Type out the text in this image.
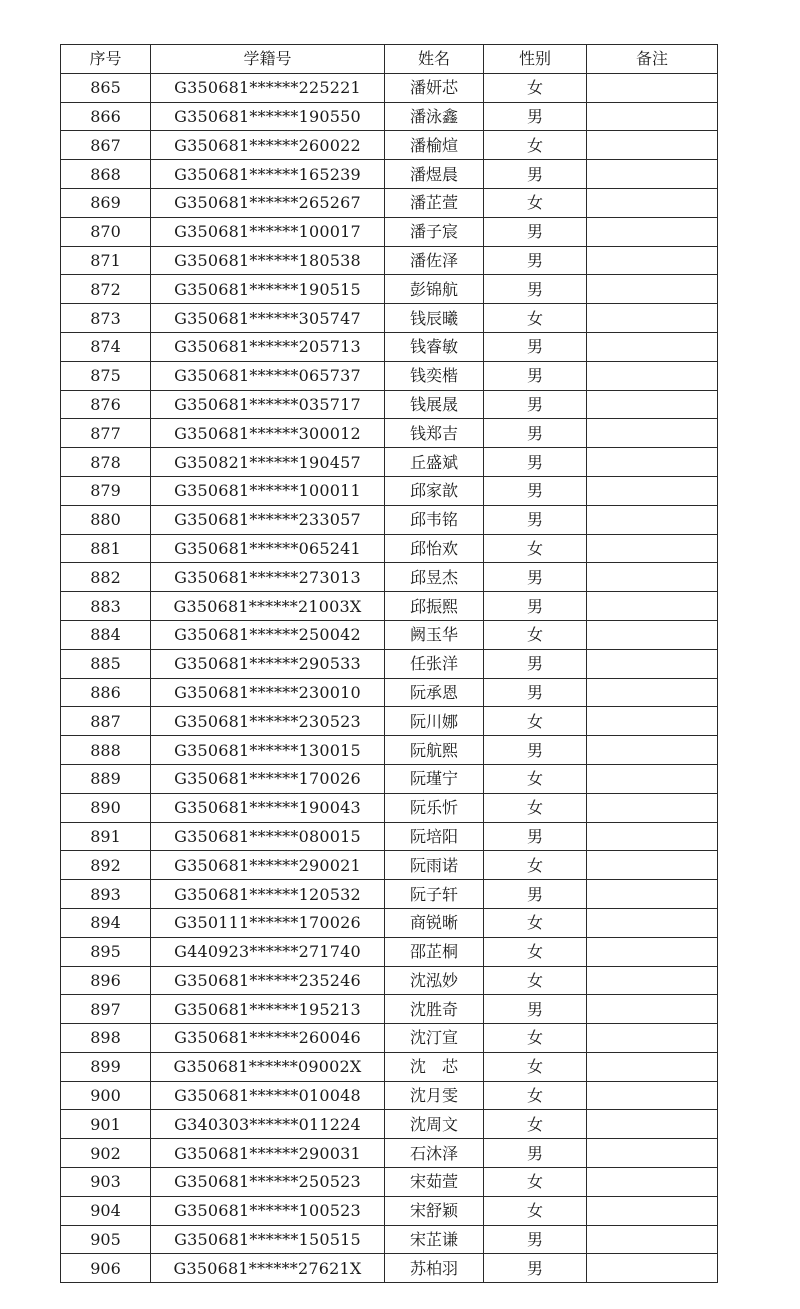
序号	学籍号	姓名	性别	备注
865	G350681******225221	潘妍芯	女	
866	G350681******190550	潘泳鑫	男	
867	G350681******260022	潘榆煊	女	
868	G350681******165239	潘煜晨	男	
869	G350681******265267	潘芷萱	女	
870	G350681******100017	潘子宸	男	
871	G350681******180538	潘佐泽	男	
872	G350681******190515	彭锦航	男	
873	G350681******305747	钱辰曦	女	
874	G350681******205713	钱睿敏	男	
875	G350681******065737	钱奕楷	男	
876	G350681******035717	钱展晟	男	
877	G350681******300012	钱郑吉	男	
878	G350821******190457	丘盛斌	男	
879	G350681******100011	邱家歆	男	
880	G350681******233057	邱韦铭	男	
881	G350681******065241	邱怡欢	女	
882	G350681******273013	邱昱杰	男	
883	G350681******21003X	邱振熙	男	
884	G350681******250042	阙玉华	女	
885	G350681******290533	任张洋	男	
886	G350681******230010	阮承恩	男	
887	G350681******230523	阮川娜	女	
888	G350681******130015	阮航熙	男	
889	G350681******170026	阮瑾宁	女	
890	G350681******190043	阮乐忻	女	
891	G350681******080015	阮培阳	男	
892	G350681******290021	阮雨诺	女	
893	G350681******120532	阮子轩	男	
894	G350111******170026	商锐晰	女	
895	G440923******271740	邵芷桐	女	
896	G350681******235246	沈泓妙	女	
897	G350681******195213	沈胜奇	男	
898	G350681******260046	沈汀宣	女	
899	G350681******09002X	沈　芯	女	
900	G350681******010048	沈月雯	女	
901	G340303******011224	沈周文	女	
902	G350681******290031	石沐泽	男	
903	G350681******250523	宋茹萱	女	
904	G350681******100523	宋舒颖	女	
905	G350681******150515	宋芷谦	男	
906	G350681******27621X	苏柏羽	男	
